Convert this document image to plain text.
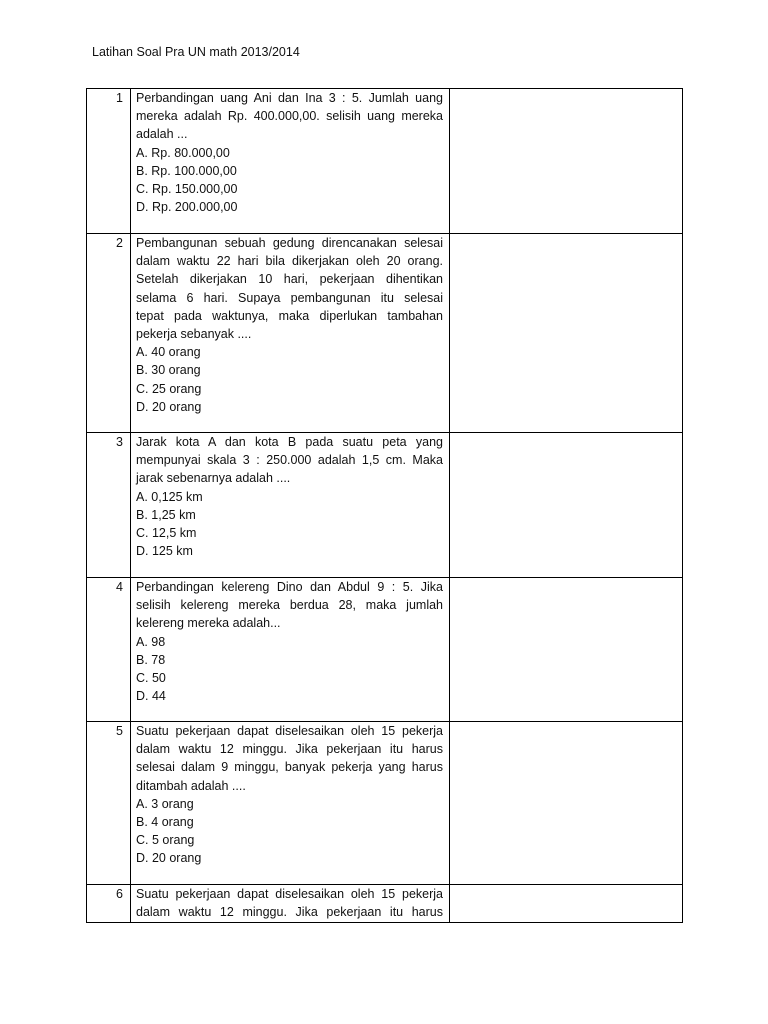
Latihan Soal Pra UN math 2013/2014
1	Perbandingan uang Ani dan Ina 3 : 5. Jumlah uang
mereka adalah Rp. 400.000,00. selisih uang mereka
adalah ...
A. Rp. 80.000,00
B. Rp. 100.000,00
C. Rp. 150.000,00
D. Rp. 200.000,00
2	Pembangunan sebuah gedung direncanakan selesai
dalam waktu 22 hari bila dikerjakan oleh 20 orang.
Setelah dikerjakan 10 hari, pekerjaan dihentikan
selama 6 hari. Supaya pembangunan itu selesai
tepat pada waktunya, maka diperlukan tambahan
pekerja sebanyak ....
A. 40 orang
B. 30 orang
C. 25 orang
D. 20 orang
3	Jarak kota A dan kota B pada suatu peta yang
mempunyai skala 3 : 250.000 adalah 1,5 cm. Maka
jarak sebenarnya adalah ....
A. 0,125 km
B. 1,25 km
C. 12,5 km
D. 125 km
4	Perbandingan kelereng Dino dan Abdul 9 : 5. Jika
selisih kelereng mereka berdua 28, maka jumlah
kelereng mereka adalah...
A. 98
B. 78
C. 50
D. 44
5	Suatu pekerjaan dapat diselesaikan oleh 15 pekerja
dalam waktu 12 minggu. Jika pekerjaan itu harus
selesai dalam 9 minggu, banyak pekerja yang harus
ditambah adalah ....
A. 3 orang
B. 4 orang
C. 5 orang
D. 20 orang
6	Suatu pekerjaan dapat diselesaikan oleh 15 pekerja
dalam waktu 12 minggu. Jika pekerjaan itu harus
